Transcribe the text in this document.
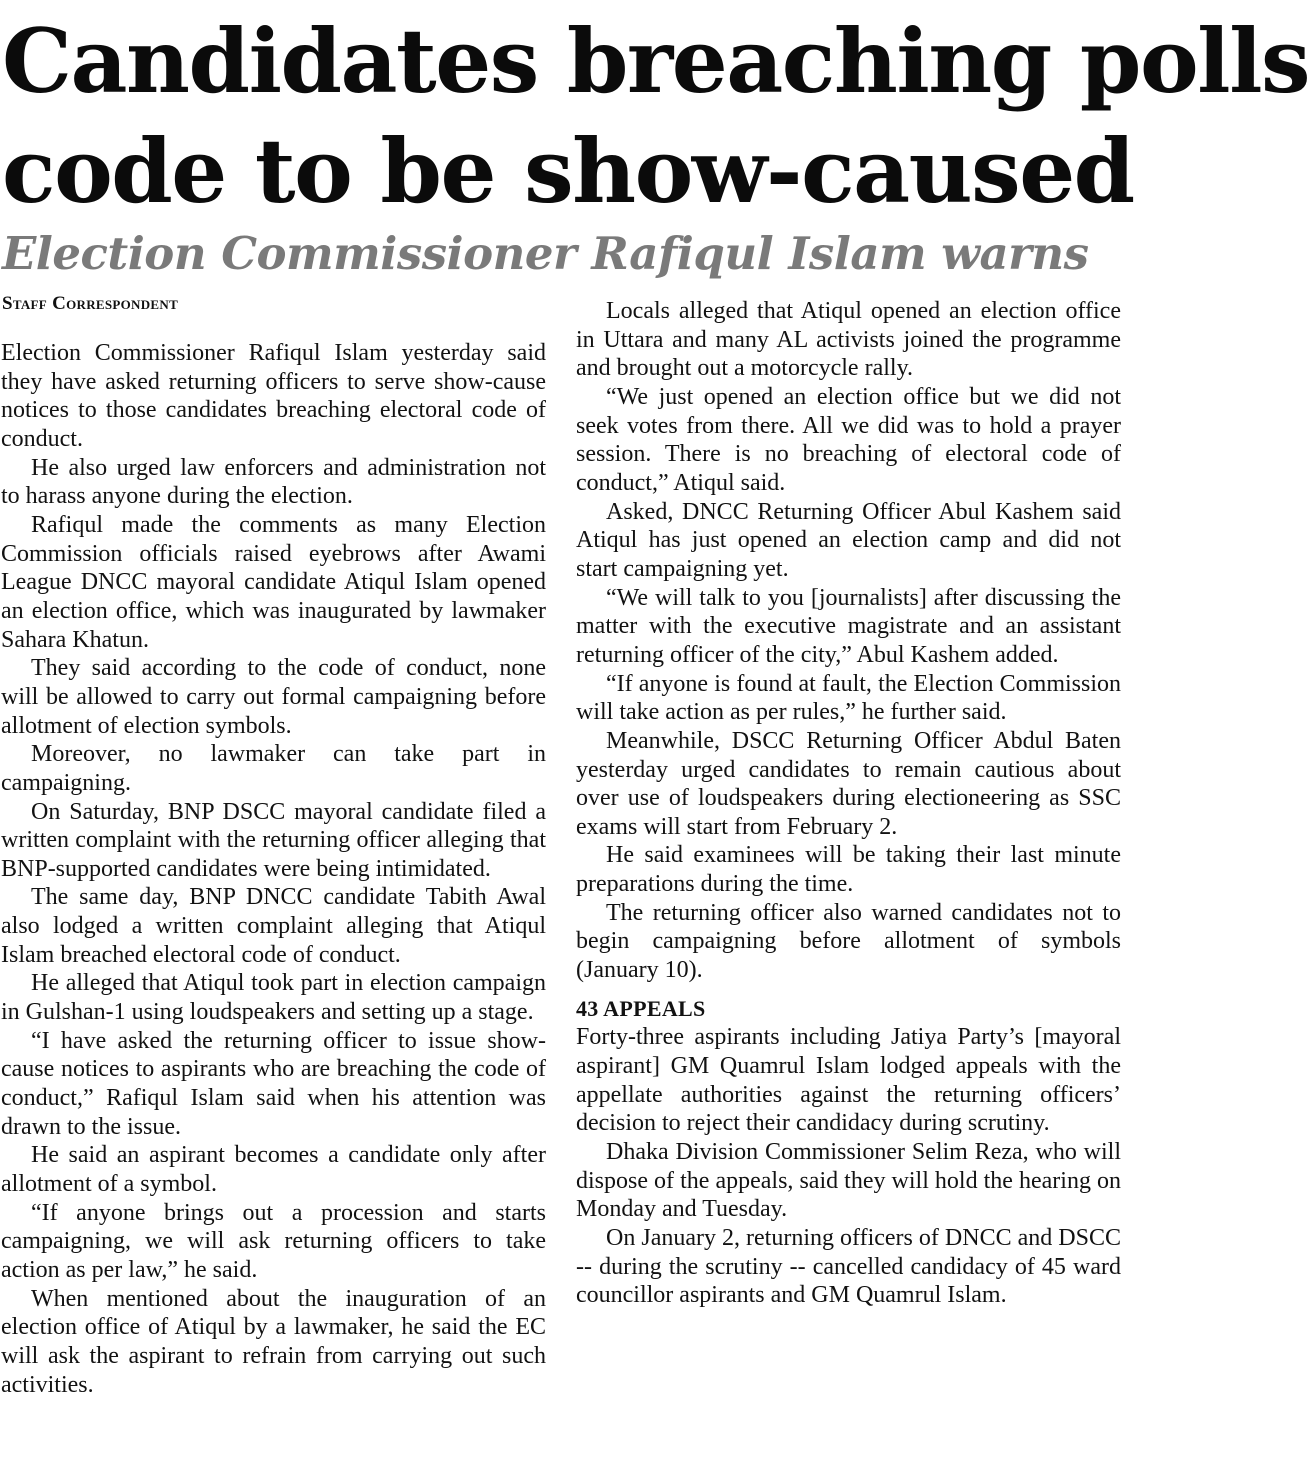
Candidates breaching polls
code to be show-caused
Election Commissioner Rafiqul Islam warns
Staff Correspondent

Election Commissioner Rafiqul Islam yesterday said they have asked returning officers to serve show-cause notices to those candidates breaching electoral code of conduct.

He also urged law enforcers and administration not to harass anyone during the election.

Rafiqul made the comments as many Election Commission officials raised eyebrows after Awami League DNCC mayoral candidate Atiqul Islam opened an election office, which was inaugurated by lawmaker Sahara Khatun.

They said according to the code of conduct, none will be allowed to carry out formal campaigning before allotment of election symbols.

Moreover, no lawmaker can take part in campaigning.

On Saturday, BNP DSCC mayoral candidate filed a written complaint with the returning officer alleging that BNP-supported candidates were being intimidated.

The same day, BNP DNCC candidate Tabith Awal also lodged a written complaint alleging that Atiqul Islam breached electoral code of conduct.

He alleged that Atiqul took part in election campaign in Gulshan-1 using loudspeakers and setting up a stage.

“I have asked the returning officer to issue show-cause notices to aspirants who are breaching the code of conduct,” Rafiqul Islam said when his attention was drawn to the issue.

He said an aspirant becomes a candidate only after allotment of a symbol.

“If anyone brings out a procession and starts campaigning, we will ask returning officers to take action as per law,” he said.

When mentioned about the inauguration of an election office of Atiqul by a lawmaker, he said the EC will ask the aspirant to refrain from carrying out such activities.

Locals alleged that Atiqul opened an election office in Uttara and many AL activists joined the programme and brought out a motorcycle rally.

“We just opened an election office but we did not seek votes from there. All we did was to hold a prayer session. There is no breaching of electoral code of conduct,” Atiqul said.

Asked, DNCC Returning Officer Abul Kashem said Atiqul has just opened an election camp and did not start campaigning yet.

“We will talk to you [journalists] after discussing the matter with the executive magistrate and an assistant returning officer of the city,” Abul Kashem added.

“If anyone is found at fault, the Election Commission will take action as per rules,” he further said.

Meanwhile, DSCC Returning Officer Abdul Baten yesterday urged candidates to remain cautious about over use of loudspeakers during electioneering as SSC exams will start from February 2.

He said examinees will be taking their last minute preparations during the time.

The returning officer also warned candidates not to begin campaigning before allotment of symbols (January 10).

43 APPEALS

Forty-three aspirants including Jatiya Party’s [mayoral aspirant] GM Quamrul Islam lodged appeals with the appellate authorities against the returning officers’ decision to reject their candidacy during scrutiny.

Dhaka Division Commissioner Selim Reza, who will dispose of the appeals, said they will hold the hearing on Monday and Tuesday.

On January 2, returning officers of DNCC and DSCC -- during the scrutiny -- cancelled candidacy of 45 ward councillor aspirants and GM Quamrul Islam.
